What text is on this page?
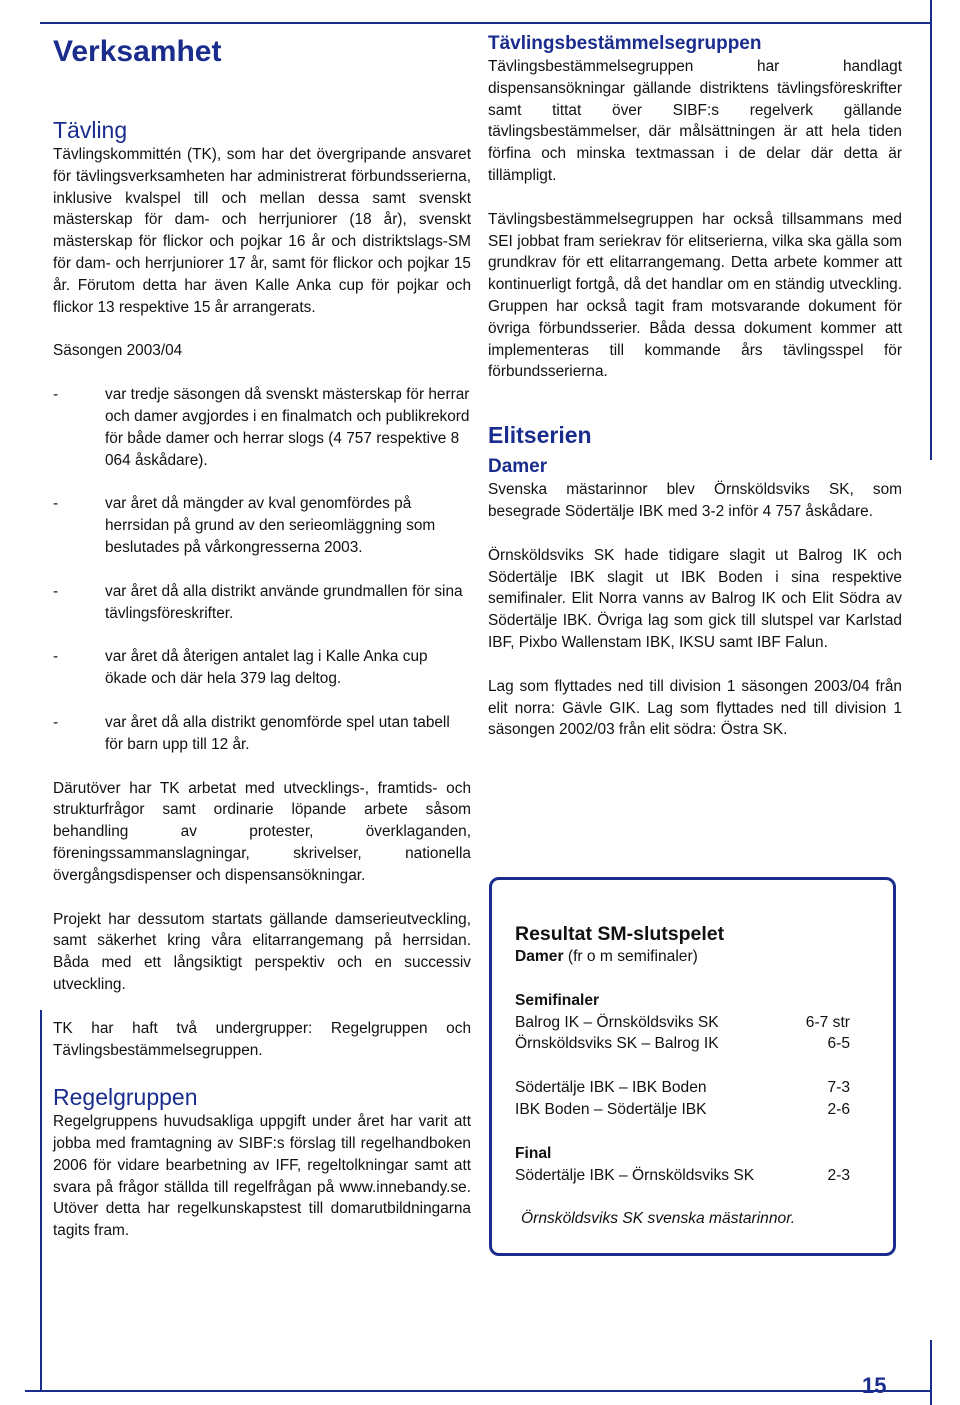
Verksamhet
Tävling

Tävlingskommittén (TK), som har det övergripande ansvaret för tävlingsverksamheten har administrerat förbundsserierna, inklusive kvalspel till och mellan dessa samt svenskt mästerskap för dam- och herrjuniorer (18 år), svenskt mästerskap för flickor och pojkar 16 år och distriktslags-SM för dam- och herrjuniorer 17 år, samt för flickor och pojkar 15 år. Förutom detta har även Kalle Anka cup för pojkar och flickor 13 respektive 15 år arrangerats.

Säsongen 2003/04

-	var tredje säsongen då svenskt mästerskap för herrar och damer avgjordes i en finalmatch och publikrekord för både damer och herrar slogs (4 757 respektive 8 064 åskådare).
-	var året då mängder av kval genomfördes på herrsidan på grund av den serieomläggning som beslutades på vårkongresserna 2003.
-	var året då alla distrikt använde grundmallen för sina tävlingsföreskrifter.
-	var året då återigen antalet lag i Kalle Anka cup ökade och där hela 379 lag deltog.
-	var året då alla distrikt genomförde spel utan tabell för barn upp till 12 år.

Därutöver har TK arbetat med utvecklings-, framtids- och strukturfrågor samt ordinarie löpande arbete såsom behandling av protester, överklaganden, föreningssammanslagningar, skrivelser, nationella övergångsdispenser och dispensansökningar.

Projekt har dessutom startats gällande damserieutveckling, samt säkerhet kring våra elitarrangemang på herrsidan. Båda med ett långsiktigt perspektiv och en successiv utveckling.

TK har haft två undergrupper: Regelgruppen och Tävlingsbestämmelsegruppen.

Regelgruppen

Regelgruppens huvudsakliga uppgift under året har varit att jobba med framtagning av SIBF:s förslag till regelhandboken 2006 för vidare bearbetning av IFF, regeltolkningar samt att svara på frågor ställda till regelfrågan på www.innebandy.se. Utöver detta har regelkunskapstest till domarutbildningarna tagits fram.

Tävlingsbestämmelsegruppen

Tävlingsbestämmelsegruppen har handlagt dispensansökningar gällande distriktens tävlingsföreskrifter samt tittat över SIBF:s regelverk gällande tävlingsbestämmelser, där målsättningen är att hela tiden förfina och minska textmassan i de delar där detta är tillämpligt.

Tävlingsbestämmelsegruppen har också tillsammans med SEI jobbat fram seriekrav för elitserierna, vilka ska gälla som grundkrav för ett elitarrangemang. Detta arbete kommer att kontinuerligt fortgå, då det handlar om en ständig utveckling. Gruppen har också tagit fram motsvarande dokument för övriga förbundsserier. Båda dessa dokument kommer att implementeras till kommande års tävlingsspel för förbundsserierna.

Elitserien
Damer

Svenska mästarinnor blev Örnsköldsviks SK, som besegrade Södertälje IBK med 3-2 inför 4 757 åskådare.

Örnsköldsviks SK hade tidigare slagit ut Balrog IK och Södertälje IBK slagit ut IBK Boden i sina respektive semifinaler. Elit Norra vanns av Balrog IK och Elit Södra av Södertälje IBK. Övriga lag som gick till slutspel var Karlstad IBF, Pixbo Wallenstam IBK, IKSU samt IBF Falun.

Lag som flyttades ned till division 1 säsongen 2003/04 från elit norra: Gävle GIK. Lag som flyttades ned till division 1 säsongen 2002/03 från elit södra: Östra SK.

Resultat SM-slutspelet
Damer (fr o m semifinaler)
Semifinaler
Balrog IK – Örnsköldsviks SK	6-7 str
Örnsköldsviks SK – Balrog IK	6-5
Södertälje IBK – IBK Boden	7-3
IBK Boden – Södertälje IBK	2-6
Final
Södertälje IBK – Örnsköldsviks SK	2-3
Örnsköldsviks SK svenska mästarinnor.
15
